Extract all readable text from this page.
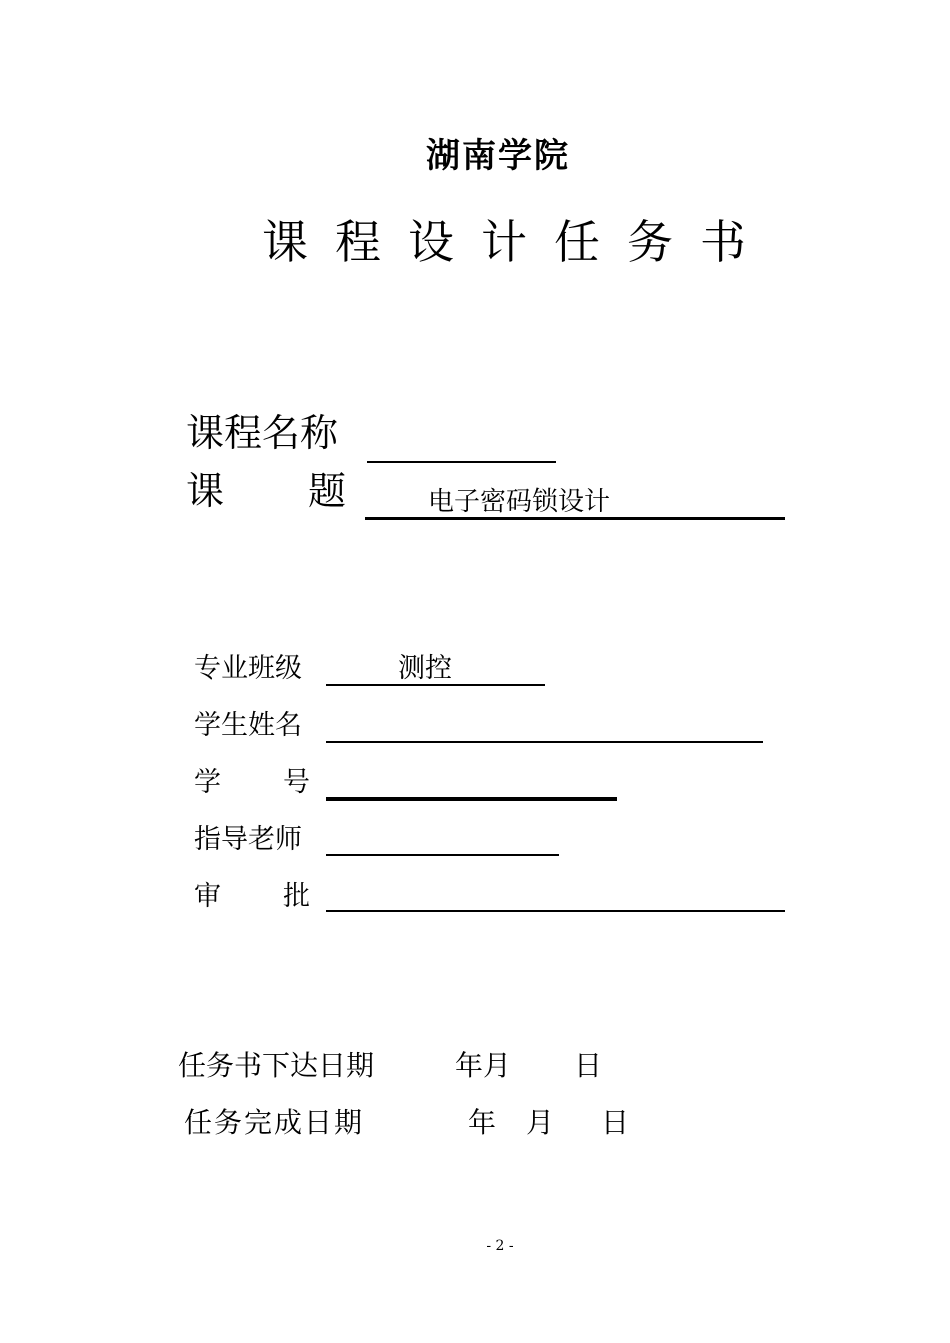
湖南学院
课程设计任务书
课程名称
课 题	电子密码锁设计
专业班级	测控
学生姓名
学 号
指导老师
审 批
任务书下达日期	年 月 日
任务完成日期	年 月 日
- 2 -
